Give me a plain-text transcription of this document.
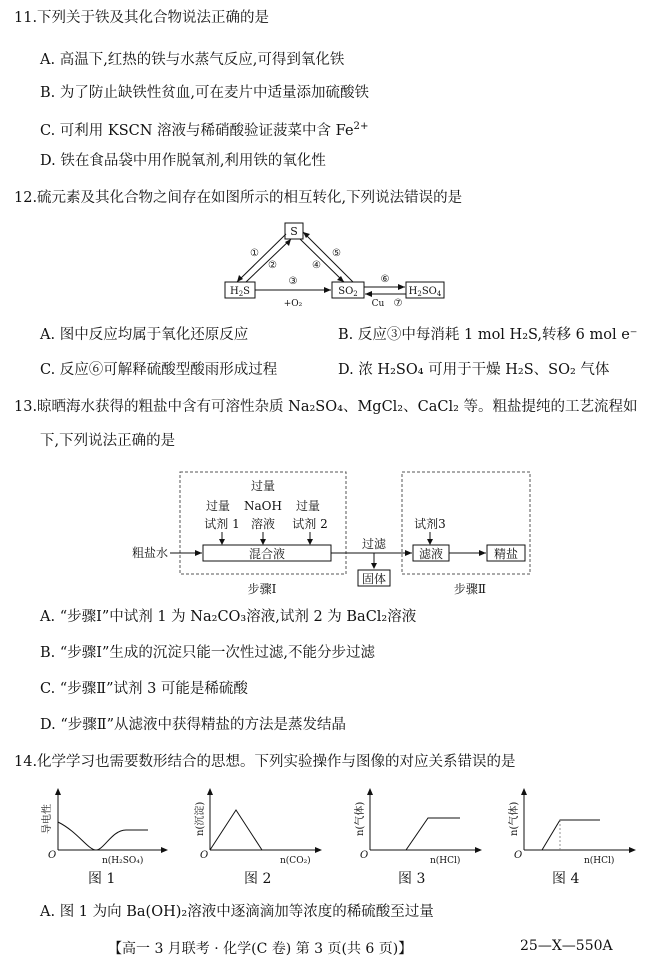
11.下列关于铁及其化合物说法正确的是
A. 高温下,红热的铁与水蒸气反应,可得到氧化铁
B. 为了防止缺铁性贫血,可在麦片中适量添加硫酸铁
C. 可利用 KSCN 溶液与稀硝酸验证菠菜中含 $Fe^{2+}$
D. 铁在食品袋中用作脱氧剂,利用铁的氧化性
12.硫元素及其化合物之间存在如图所示的相互转化,下列说法错误的是
S
$H_2S$	$SO_2$	$H_2SO_4$
①
②
⑤
④
③
+O₂
⑥
Cu ⑦
A. 图中反应均属于氧化还原反应	B. 反应③中每消耗 1 mol H₂S,转移 6 mol e⁻
C. 反应⑥可解释硫酸型酸雨形成过程	D. 浓 H₂SO₄ 可用于干燥 H₂S、SO₂ 气体
13.晾晒海水获得的粗盐中含有可溶性杂质 Na₂SO₄、MgCl₂、CaCl₂ 等。粗盐提纯的工艺流程如
下,下列说法正确的是
粗盐水
过量
试剂 1
过量
NaOH
溶液
过量
试剂 2
混合液
过滤
固体
试剂3
滤液	精盐
步骤Ⅰ	步骤Ⅱ
A. “步骤Ⅰ”中试剂 1 为 Na₂CO₃溶液,试剂 2 为 BaCl₂溶液
B. “步骤Ⅰ”生成的沉淀只能一次性过滤,不能分步过滤
C. “步骤Ⅱ”试剂 3 可能是稀硫酸
D. “步骤Ⅱ”从滤液中获得精盐的方法是蒸发结晶
14.化学学习也需要数形结合的思想。下列实验操作与图像的对应关系错误的是
O
导电性
n(H₂SO₄)	O
n(沉淀)
n(CO₂)	O
n(气体)
n(HCl)	O
n(气体)
n(HCl)
图 1	图 2	图 3	图 4
A. 图 1 为向 Ba(OH)₂溶液中逐滴滴加等浓度的稀硫酸至过量
【高一 3 月联考 · 化学(C 卷) 第 3 页(共 6 页)】	25—X—550A
